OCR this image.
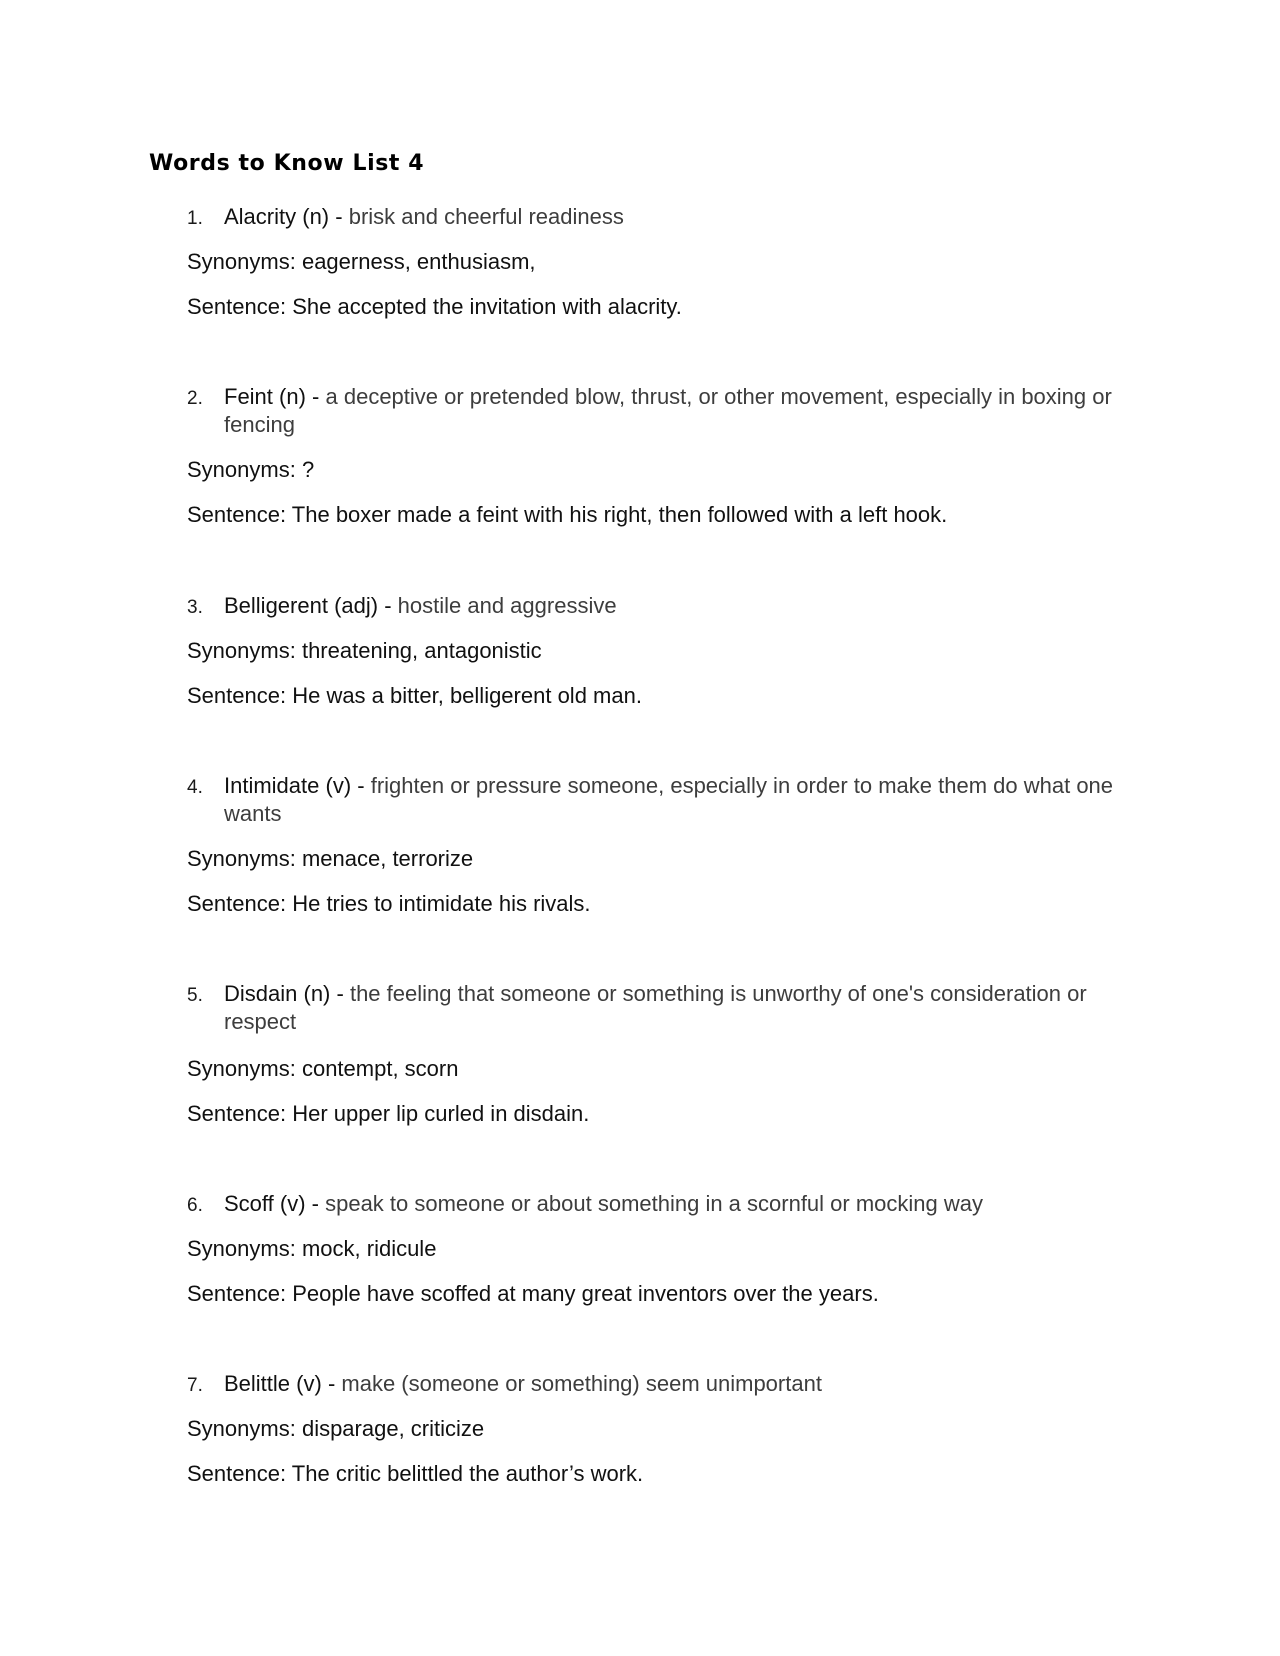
Words to Know List 4
1. Alacrity (n) - brisk and cheerful readiness
Synonyms: eagerness, enthusiasm,
Sentence: She accepted the invitation with alacrity.
2. Feint (n) - a deceptive or pretended blow, thrust, or other movement, especially in boxing or fencing
Synonyms: ?
Sentence: The boxer made a feint with his right, then followed with a left hook.
3. Belligerent (adj) - hostile and aggressive
Synonyms: threatening, antagonistic
Sentence: He was a bitter, belligerent old man.
4. Intimidate (v) - frighten or pressure someone, especially in order to make them do what one wants
Synonyms: menace, terrorize
Sentence: He tries to intimidate his rivals.
5. Disdain (n) - the feeling that someone or something is unworthy of one's consideration or respect
Synonyms: contempt, scorn
Sentence: Her upper lip curled in disdain.
6. Scoff (v) - speak to someone or about something in a scornful or mocking way
Synonyms: mock, ridicule
Sentence: People have scoffed at many great inventors over the years.
7. Belittle (v) - make (someone or something) seem unimportant
Synonyms: disparage, criticize
Sentence: The critic belittled the author’s work.
